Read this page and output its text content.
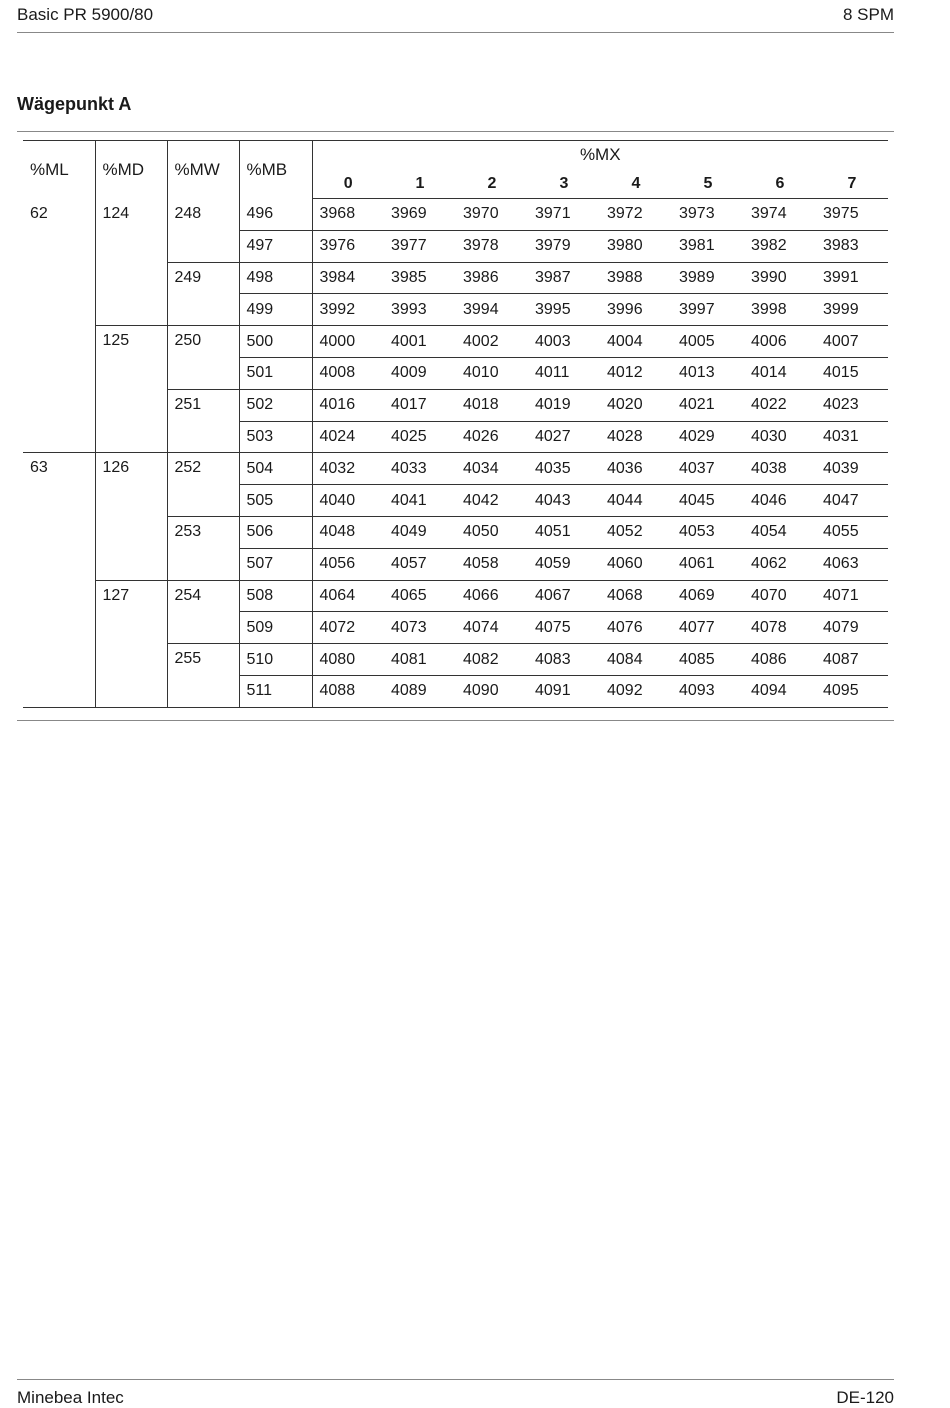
Basic PR 5900/80	8 SPM
Wägepunkt A
%ML	%MD	%MW	%MB	%MX							
				0	1	2	3	4	5	6	7
62	124	248	496	3968	3969	3970	3971	3972	3973	3974	3975
			497	3976	3977	3978	3979	3980	3981	3982	3983
		249	498	3984	3985	3986	3987	3988	3989	3990	3991
			499	3992	3993	3994	3995	3996	3997	3998	3999
	125	250	500	4000	4001	4002	4003	4004	4005	4006	4007
			501	4008	4009	4010	4011	4012	4013	4014	4015
		251	502	4016	4017	4018	4019	4020	4021	4022	4023
			503	4024	4025	4026	4027	4028	4029	4030	4031
63	126	252	504	4032	4033	4034	4035	4036	4037	4038	4039
			505	4040	4041	4042	4043	4044	4045	4046	4047
		253	506	4048	4049	4050	4051	4052	4053	4054	4055
			507	4056	4057	4058	4059	4060	4061	4062	4063
	127	254	508	4064	4065	4066	4067	4068	4069	4070	4071
			509	4072	4073	4074	4075	4076	4077	4078	4079
		255	510	4080	4081	4082	4083	4084	4085	4086	4087
			511	4088	4089	4090	4091	4092	4093	4094	4095
Minebea Intec	DE-120
